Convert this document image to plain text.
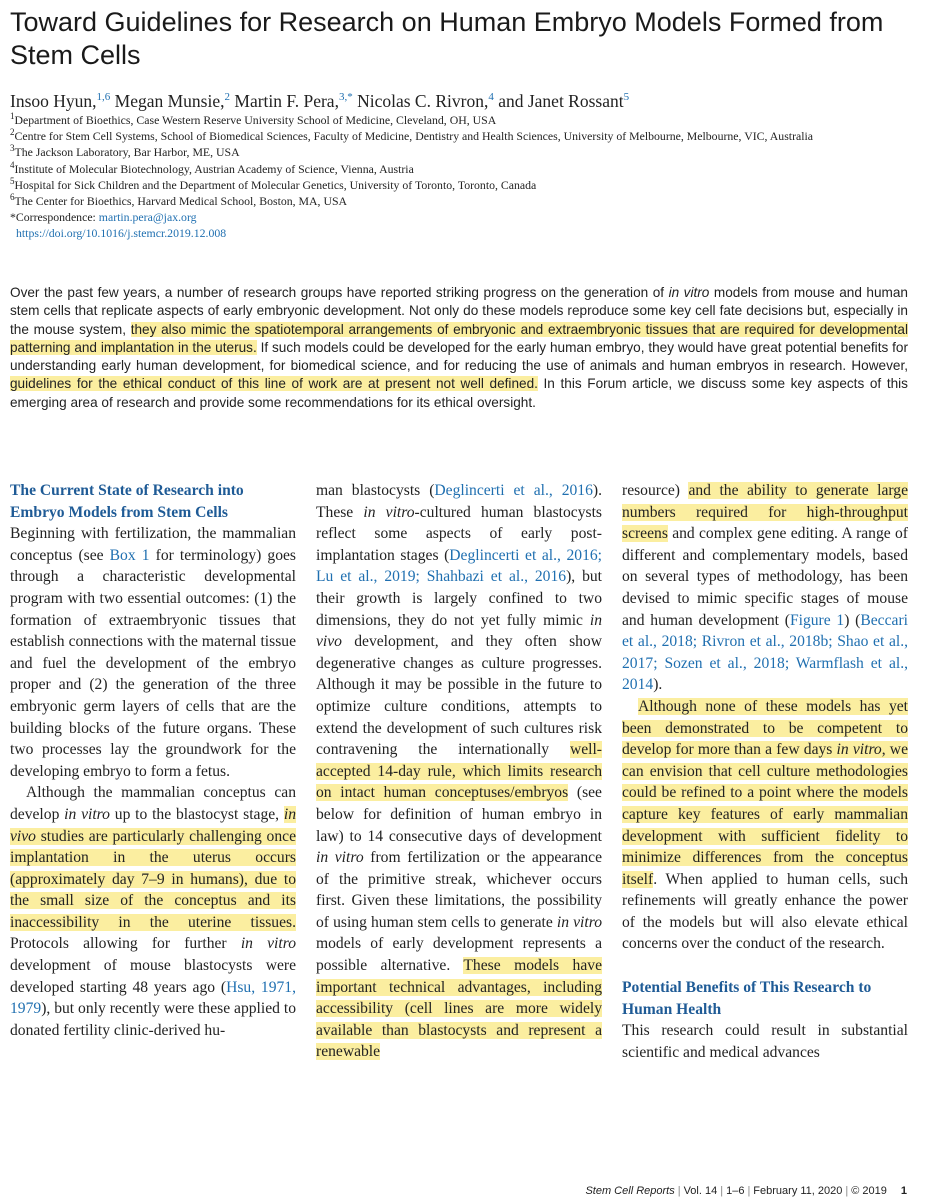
Toward Guidelines for Research on Human Embryo Models Formed from Stem Cells
Insoo Hyun,$^{1,6}$ Megan Munsie,$^2$ Martin F. Pera,$^{3,*}$ Nicolas C. Rivron,$^4$ and Janet Rossant$^5$
$^1$Department of Bioethics, Case Western Reserve University School of Medicine, Cleveland, OH, USA
$^2$Centre for Stem Cell Systems, School of Biomedical Sciences, Faculty of Medicine, Dentistry and Health Sciences, University of Melbourne, Melbourne, VIC, Australia
$^3$The Jackson Laboratory, Bar Harbor, ME, USA
$^4$Institute of Molecular Biotechnology, Austrian Academy of Science, Vienna, Austria
$^5$Hospital for Sick Children and the Department of Molecular Genetics, University of Toronto, Toronto, Canada
$^6$The Center for Bioethics, Harvard Medical School, Boston, MA, USA
*Correspondence: martin.pera@jax.org
https://doi.org/10.1016/j.stemcr.2019.12.008

Over the past few years, a number of research groups have reported striking progress on the generation of in vitro models from mouse and human stem cells that replicate aspects of early embryonic development. Not only do these models reproduce some key cell fate decisions but, especially in the mouse system, they also mimic the spatiotemporal arrangements of embryonic and extraembryonic tissues that are required for developmental patterning and implantation in the uterus. If such models could be developed for the early human embryo, they would have great potential benefits for understanding early human development, for biomedical science, and for reducing the use of animals and human embryos in research. However, guidelines for the ethical conduct of this line of work are at present not well defined. In this Forum article, we discuss some key aspects of this emerging area of research and provide some recommendations for its ethical oversight.

The Current State of Research into Embryo Models from Stem Cells

Beginning with fertilization, the mammalian conceptus (see Box 1 for terminology) goes through a characteristic developmental program with two essential outcomes: (1) the formation of extraembryonic tissues that establish connections with the maternal tissue and fuel the development of the embryo proper and (2) the generation of the three embryonic germ layers of cells that are the building blocks of the future organs. These two processes lay the groundwork for the developing embryo to form a fetus.

Although the mammalian conceptus can develop in vitro up to the blastocyst stage, in vivo studies are particularly challenging once implantation in the uterus occurs (approximately day 7–9 in humans), due to the small size of the conceptus and its inaccessibility in the uterine tissues. Protocols allowing for further in vitro development of mouse blastocysts were developed starting 48 years ago (Hsu, 1971, 1979), but only recently were these applied to donated fertility clinic-derived hu-

man blastocysts (Deglincerti et al., 2016). These in vitro-cultured human blastocysts reflect some aspects of early post-implantation stages (Deglincerti et al., 2016; Lu et al., 2019; Shahbazi et al., 2016), but their growth is largely confined to two dimensions, they do not yet fully mimic in vivo development, and they often show degenerative changes as culture progresses. Although it may be possible in the future to optimize culture conditions, attempts to extend the development of such cultures risk contravening the internationally well-accepted 14-day rule, which limits research on intact human conceptuses/embryos (see below for definition of human embryo in law) to 14 consecutive days of development in vitro from fertilization or the appearance of the primitive streak, whichever occurs first. Given these limitations, the possibility of using human stem cells to generate in vitro models of early development represents a possible alternative. These models have important technical advantages, including accessibility (cell lines are more widely available than blastocysts and represent a renewable

resource) and the ability to generate large numbers required for high-throughput screens and complex gene editing. A range of different and complementary models, based on several types of methodology, has been devised to mimic specific stages of mouse and human development (Figure 1) (Beccari et al., 2018; Rivron et al., 2018b; Shao et al., 2017; Sozen et al., 2018; Warmflash et al., 2014).

Although none of these models has yet been demonstrated to be competent to develop for more than a few days in vitro, we can envision that cell culture methodologies could be refined to a point where the models capture key features of early mammalian development with sufficient fidelity to minimize differences from the conceptus itself. When applied to human cells, such refinements will greatly enhance the power of the models but will also elevate ethical concerns over the conduct of the research.

Potential Benefits of This Research to Human Health

This research could result in substantial scientific and medical advances

Stem Cell Reports | Vol. 14 | 1–6 | February 11, 2020 | © 2019 1
